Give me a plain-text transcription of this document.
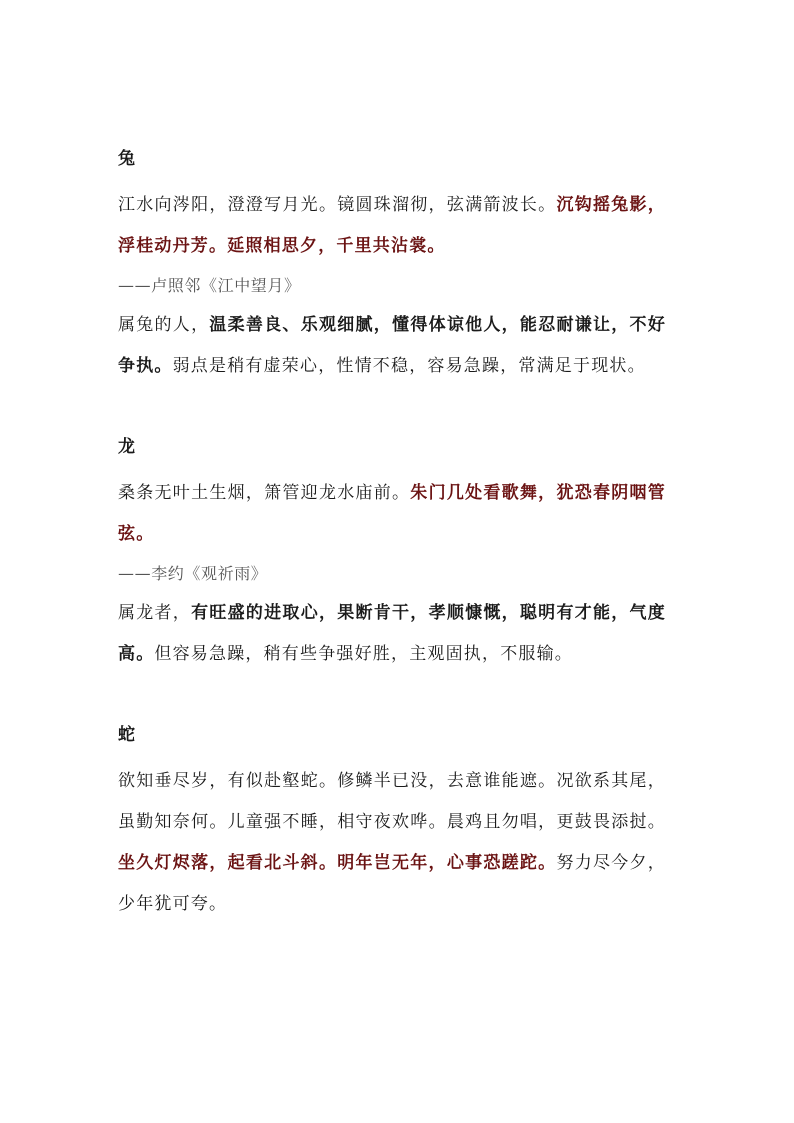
兔

江水向涔阳，澄澄写月光。镜圆珠溜彻，弦满箭波长。沉钩摇兔影，浮桂动丹芳。延照相思夕，千里共沾裳。

——卢照邻《江中望月》

属兔的人，温柔善良、乐观细腻，懂得体谅他人，能忍耐谦让，不好争执。弱点是稍有虚荣心，性情不稳，容易急躁，常满足于现状。

龙

桑条无叶土生烟，箫管迎龙水庙前。朱门几处看歌舞，犹恐春阴咽管弦。

——李约《观祈雨》

属龙者，有旺盛的进取心，果断肯干，孝顺慷慨，聪明有才能，气度高。但容易急躁，稍有些争强好胜，主观固执，不服输。

蛇

欲知垂尽岁，有似赴壑蛇。修鳞半已没，去意谁能遮。况欲系其尾，虽勤知奈何。儿童强不睡，相守夜欢哗。晨鸡且勿唱，更鼓畏添挝。坐久灯烬落，起看北斗斜。明年岂无年，心事恐蹉跎。努力尽今夕，少年犹可夸。
